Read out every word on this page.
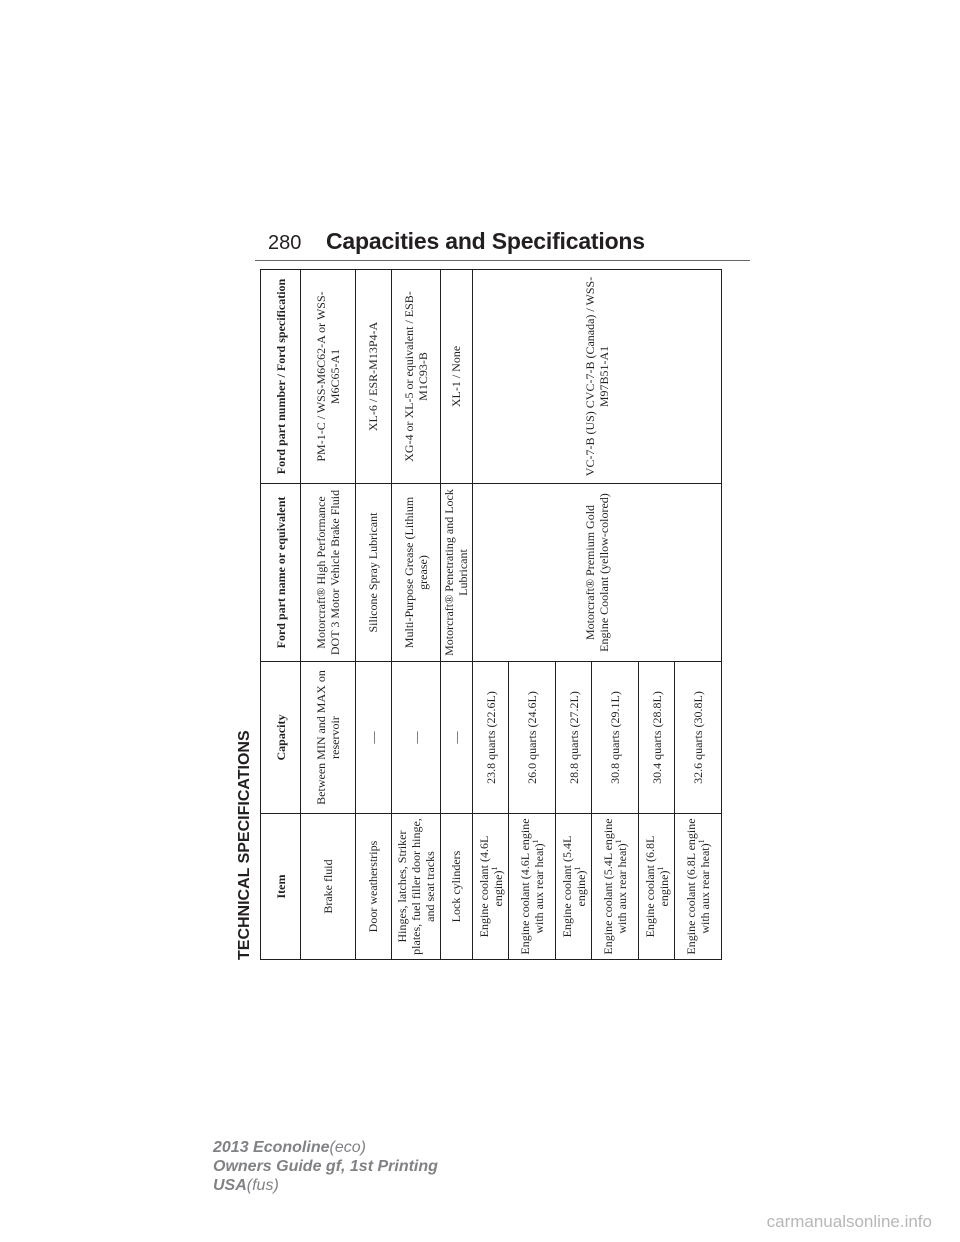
280 Capacities and Specifications
TECHNICAL SPECIFICATIONS	Item	Capacity	Ford part name or equivalent	Ford part number / Ford specification
Brake fluid	Between MIN and MAX on reservoir	Motorcraft® High Performance DOT 3 Motor Vehicle Brake Fluid	PM-1-C / WSS-M6C62-A or WSS-M6C65-A1
Door weatherstrips	—	Silicone Spray Lubricant	XL-6 / ESR-M13P4-A
Hinges, latches, Striker plates, fuel filler door hinge, and seat tracks	—	Multi-Purpose Grease (Lithium grease)	XG-4 or XL-5 or equivalent / ESB-M1C93-B
Lock cylinders	—	Motorcraft® Penetrating and Lock Lubricant	XL-1 / None
Engine coolant (4.6L engine)$^1$	23.8 quarts (22.6L)	Motorcraft® Premium Gold Engine Coolant (yellow-colored)	VC-7-B (US) CVC-7-B (Canada) / WSS-M97B51-A1
Engine coolant (4.6L engine with aux rear heat)$^1$	26.0 quarts (24.6L)		
Engine coolant (5.4L engine)$^1$	28.8 quarts (27.2L)		
Engine coolant (5.4L engine with aux rear heat)$^1$	30.8 quarts (29.1L)		
Engine coolant (6.8L engine)$^1$	30.4 quarts (28.8L)		
Engine coolant (6.8L engine with aux rear heat)$^1$	32.6 quarts (30.8L)		
2013 Econoline(eco)
Owners Guide gf, 1st Printing
USA(fus)
carmanualsonline.info
